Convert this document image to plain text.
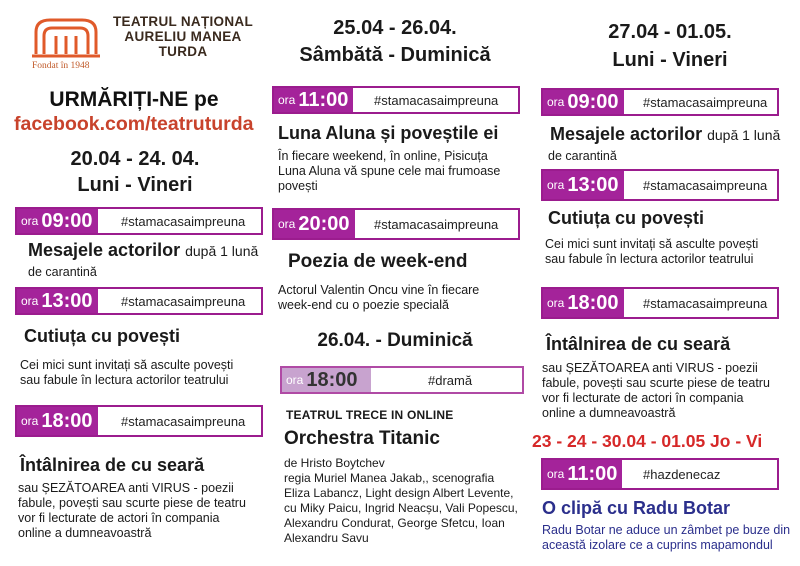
TEATRUL NAȚIONAL
AURELIU MANEA
TURDA
Fondat în 1948
URMĂRIȚI-NE pe
facebook.com/teatruturda
20.04 - 24. 04.
Luni - Vineri
ora 09:00 #stamacasaimpreuna
Mesajele actorilor după 1 lună
de carantină
ora 13:00 #stamacasaimpreuna
Cutiuța cu povești
Cei mici sunt invitați să asculte povești
sau fabule în lectura actorilor teatrului
ora 18:00 #stamacasaimpreuna
Întâlnirea de cu seară
sau ȘEZĂTOAREA anti VIRUS - poezii
fabule, povești sau scurte piese de teatru
vor fi lecturate de actori în compania
online a dumneavoastră
25.04 - 26.04.
Sâmbătă - Duminică
ora 11:00 #stamacasaimpreuna
Luna Aluna și poveștile ei
În fiecare weekend, în online, Pisicuța
Luna Aluna vă spune cele mai frumoase
povești
ora 20:00 #stamacasaimpreuna
Poezia de week-end
Actorul Valentin Oncu vine în fiecare
week-end cu o poezie specială
26.04. - Duminică
ora 18:00	#dramă
TEATRUL TRECE IN ONLINE
Orchestra Titanic
de Hristo Boytchev
regia Muriel Manea Jakab,, scenografia
Eliza Labancz, Light design Albert Levente,
cu Miky Paicu, Ingrid Neacșu, Vali Popescu,
Alexandru Condurat, George Sfetcu, Ioan
Alexandru Savu
27.04 - 01.05.
Luni - Vineri
ora 09:00 #stamacasaimpreuna
Mesajele actorilor după 1 lună
de carantină
ora 13:00 #stamacasaimpreuna
Cutiuța cu povești
Cei mici sunt invitați să asculte povești
sau fabule în lectura actorilor teatrului
ora 18:00 #stamacasaimpreuna
Întâlnirea de cu seară
sau ȘEZĂTOAREA anti VIRUS - poezii
fabule, povești sau scurte piese de teatru
vor fi lecturate de actori în compania
online a dumneavoastră
23 - 24 - 30.04 - 01.05 Jo - Vi
ora 11:00 #hazdenecaz
O clipă cu Radu Botar
Radu Botar ne aduce un zâmbet pe buze din
această izolare ce a cuprins mapamondul
